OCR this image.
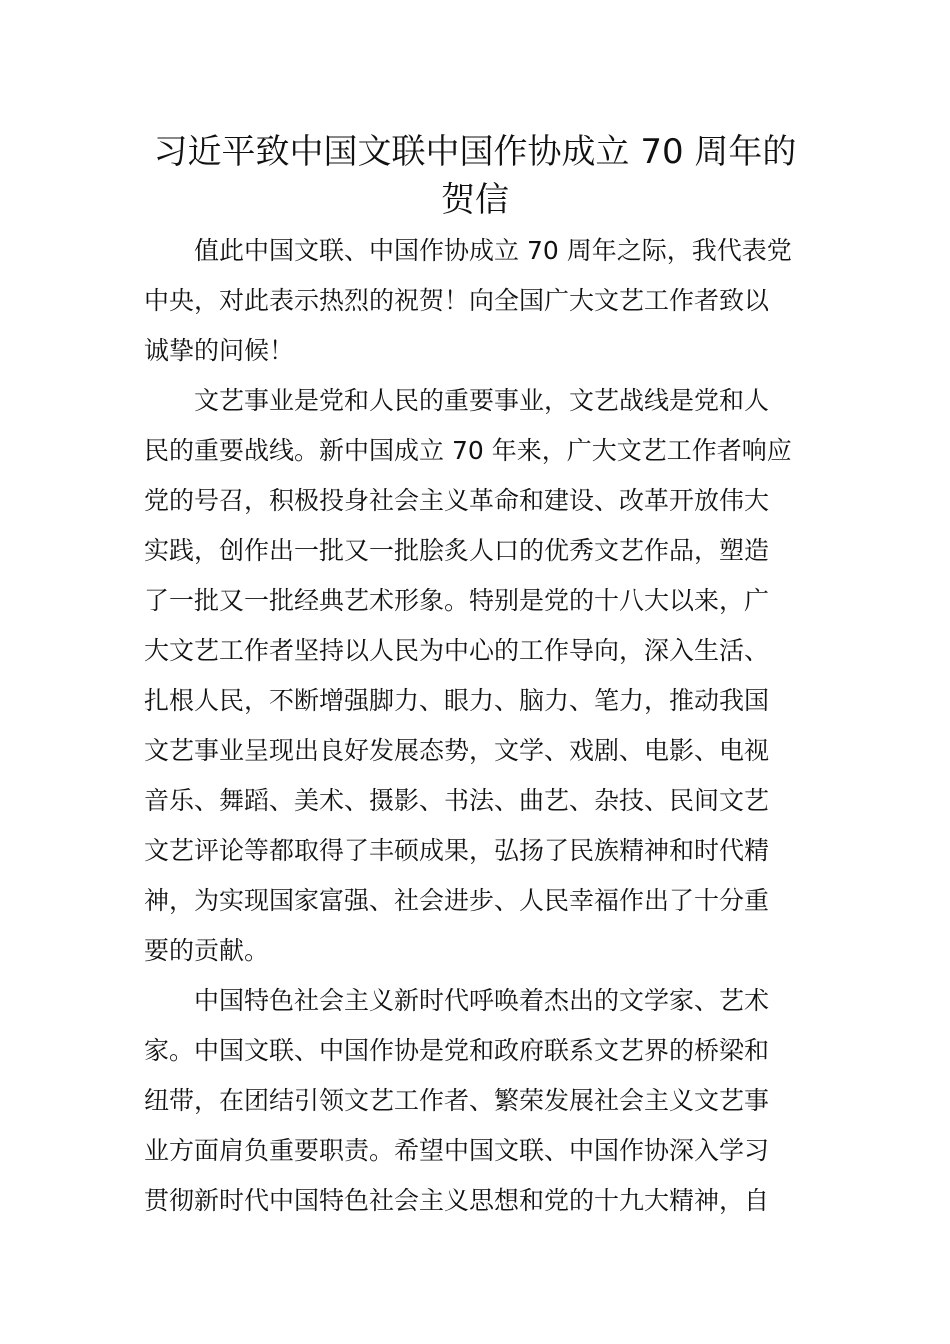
习近平致中国文联中国作协成立 70 周年的
贺信

值此中国文联、中国作协成立 70 周年之际，我代表党
中央，对此表示热烈的祝贺！向全国广大文艺工作者致以
诚挚的问候！

文艺事业是党和人民的重要事业，文艺战线是党和人
民的重要战线。新中国成立 70 年来，广大文艺工作者响应
党的号召，积极投身社会主义革命和建设、改革开放伟大
实践，创作出一批又一批脍炙人口的优秀文艺作品，塑造
了一批又一批经典艺术形象。特别是党的十八大以来，广
大文艺工作者坚持以人民为中心的工作导向，深入生活、
扎根人民，不断增强脚力、眼力、脑力、笔力，推动我国
文艺事业呈现出良好发展态势，文学、戏剧、电影、电视
音乐、舞蹈、美术、摄影、书法、曲艺、杂技、民间文艺
文艺评论等都取得了丰硕成果，弘扬了民族精神和时代精
神，为实现国家富强、社会进步、人民幸福作出了十分重
要的贡献。

中国特色社会主义新时代呼唤着杰出的文学家、艺术
家。中国文联、中国作协是党和政府联系文艺界的桥梁和
纽带，在团结引领文艺工作者、繁荣发展社会主义文艺事
业方面肩负重要职责。希望中国文联、中国作协深入学习
贯彻新时代中国特色社会主义思想和党的十九大精神，自
